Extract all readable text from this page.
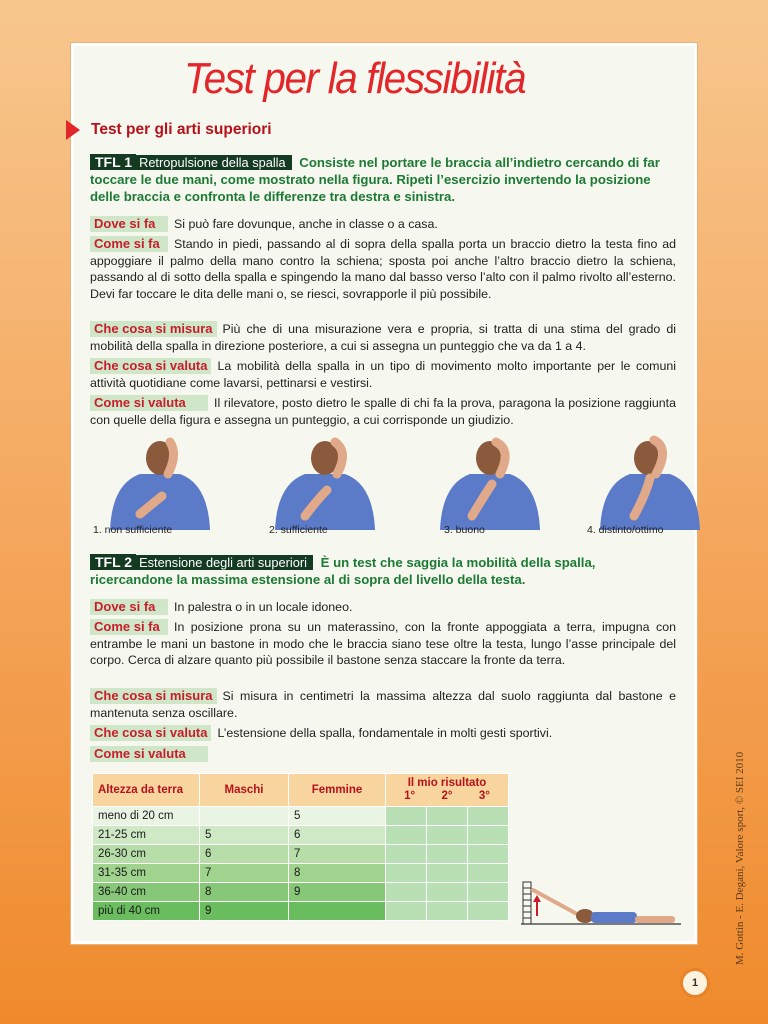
Test per la flessibilità
Test per gli arti superiori
TFL 1 Retropulsione della spalla Consiste nel portare le braccia all’indietro cercando di far toccare le due mani, come mostrato nella figura. Ripeti l’esercizio invertendo la posizione delle braccia e confronta le differenze tra destra e sinistra.
Dove si fa Si può fare dovunque, anche in classe o a casa.
Come si fa Stando in piedi, passando al di sopra della spalla porta un braccio dietro la testa fino ad appoggiare il palmo della mano contro la schiena; sposta poi anche l’altro braccio dietro la schiena, passando al di sotto della spalla e spingendo la mano dal basso verso l’alto con il palmo rivolto all’esterno. Devi far toccare le dita delle mani o, se riesci, sovrapporle il più possibile.
Che cosa si misura Più che di una misurazione vera e propria, si tratta di una stima del grado di mobilità della spalla in direzione posteriore, a cui si assegna un punteggio che va da 1 a 4.
Che cosa si valuta La mobilità della spalla in un tipo di movimento molto importante per le comuni attività quotidiane come lavarsi, pettinarsi e vestirsi.
Come si valuta Il rilevatore, posto dietro le spalle di chi fa la prova, paragona la posizione raggiunta con quelle della figura e assegna un punteggio, a cui corrisponde un giudizio.
1. non sufficiente	2. sufficiente	3. buono	4. distinto/ottimo
TFL 2 Estensione degli arti superiori È un test che saggia la mobilità della spalla, ricercandone la massima estensione al di sopra del livello della testa.
Dove si fa In palestra o in un locale idoneo.
Come si fa In posizione prona su un materassino, con la fronte appoggiata a terra, impugna con entrambe le mani un bastone in modo che le braccia siano tese oltre la testa, lungo l’asse principale del corpo. Cerca di alzare quanto più possibile il bastone senza staccare la fronte da terra.
Che cosa si misura Si misura in centimetri la massima altezza dal suolo raggiunta dal bastone e mantenuta senza oscillare.
Che cosa si valuta L’estensione della spalla, fondamentale in molti gesti sportivi.
Come si valuta
Altezza da terra	Maschi	Femmine	Il mio risultato
1° 2° 3°		

meno di 20 cm		5			
21-25 cm	5	6			
26-30 cm	6	7			
31-35 cm	7	8			
36-40 cm	8	9			
più di 40 cm	9					M. Gottin - E. Degani, Valore sport, © SEI 2010
1
